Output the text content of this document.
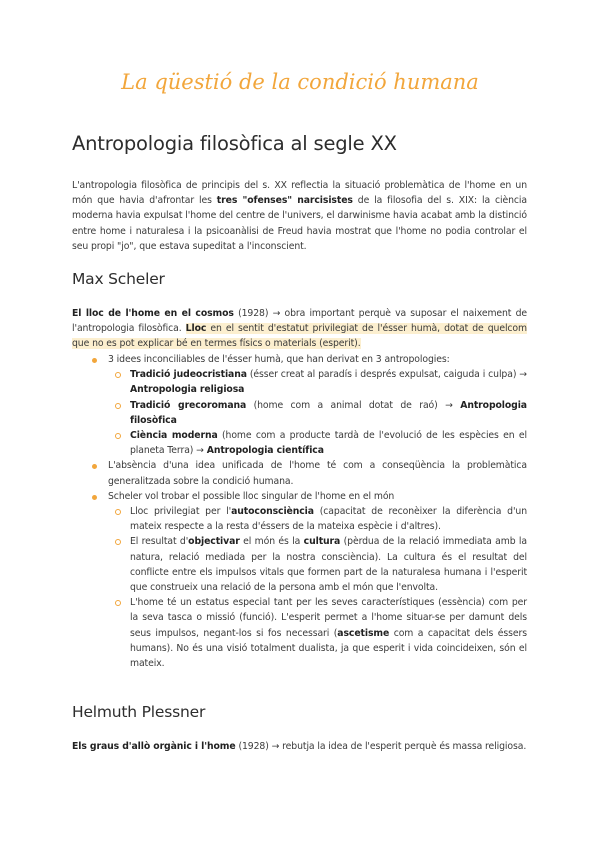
La qüestió de la condició humana
Antropologia filosòfica al segle XX

L'antropologia filosòfica de principis del s. XX reflectia la situació problemàtica de l'home en un món que havia d'afrontar les tres "ofenses" narcisistes de la filosofia del s. XIX: la ciència moderna havia expulsat l'home del centre de l'univers, el darwinisme havia acabat amb la distinció entre home i naturalesa i la psicoanàlisi de Freud havia mostrat que l'home no podia controlar el seu propi "jo", que estava supeditat a l'inconscient.

Max Scheler

El lloc de l'home en el cosmos (1928) → obra important perquè va suposar el naixement de l'antropologia filosòfica. Lloc en el sentit d'estatut privilegiat de l'ésser humà, dotat de quelcom que no es pot explicar bé en termes físics o materials (esperit).

3 idees inconciliables de l'ésser humà, que han derivat en 3 antropologies:
Tradició judeocristiana (ésser creat al paradís i després expulsat, caiguda i culpa) → Antropologia religiosa
Tradició grecoromana (home com a animal dotat de raó) → Antropologia filosòfica
Ciència moderna (home com a producte tardà de l'evolució de les espècies en el planeta Terra) → Antropologia científica
L'absència d'una idea unificada de l'home té com a conseqüència la problemàtica generalitzada sobre la condició humana.
Scheler vol trobar el possible lloc singular de l'home en el món
Lloc privilegiat per l'autoconsciència (capacitat de reconèixer la diferència d'un mateix respecte a la resta d'éssers de la mateixa espècie i d'altres).
El resultat d'objectivar el món és la cultura (pèrdua de la relació immediata amb la natura, relació mediada per la nostra consciència). La cultura és el resultat del conflicte entre els impulsos vitals que formen part de la naturalesa humana i l'esperit que construeix una relació de la persona amb el món que l'envolta.
L'home té un estatus especial tant per les seves característiques (essència) com per la seva tasca o missió (funció). L'esperit permet a l'home situar-se per damunt dels seus impulsos, negant-los si fos necessari (ascetisme com a capacitat dels éssers humans). No és una visió totalment dualista, ja que esperit i vida coincideixen, són el mateix.
Helmuth Plessner

Els graus d'allò orgànic i l'home (1928) → rebutja la idea de l'esperit perquè és massa religiosa.
